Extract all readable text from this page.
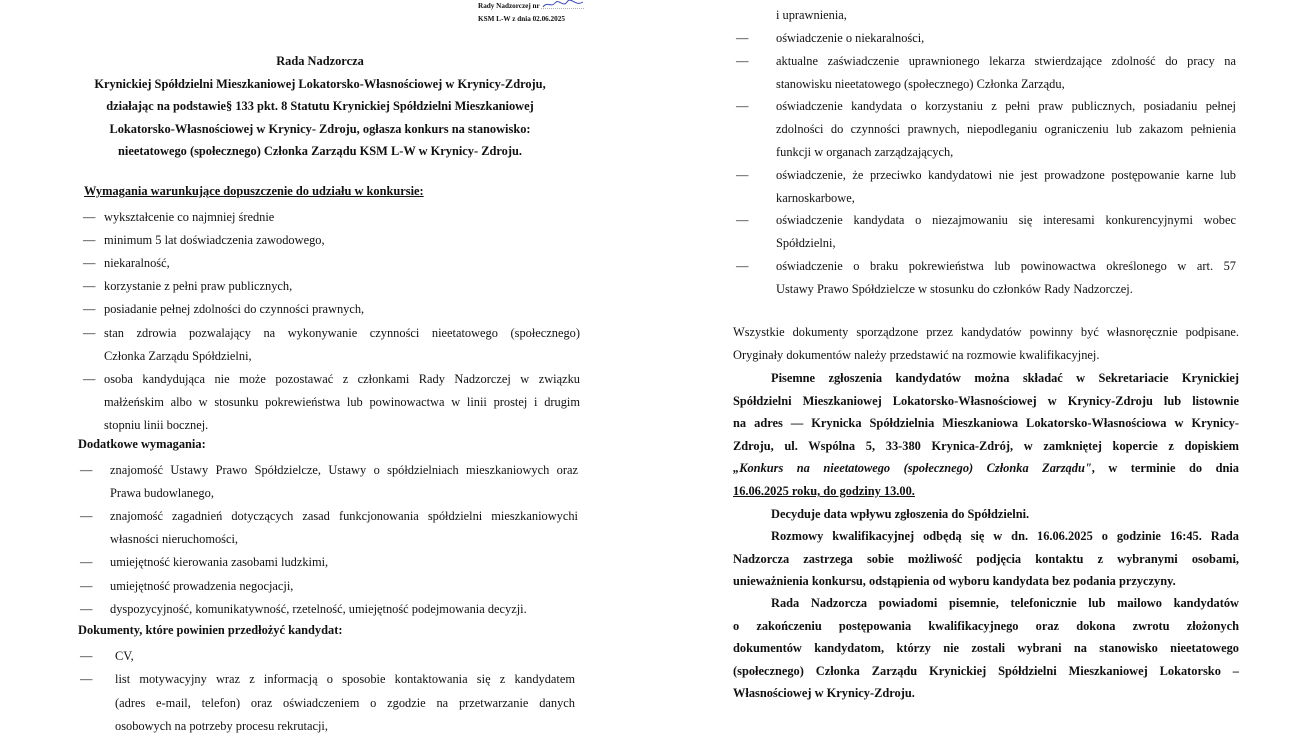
Rady Nadzorczej nr
KSM L-W z dnia 02.06.2025
Rada Nadzorcza
Krynickiej Spółdzielni Mieszkaniowej Lokatorsko-Własnościowej w Krynicy-Zdroju,
działając na podstawie§ 133 pkt. 8 Statutu Krynickiej Spółdzielni Mieszkaniowej
Lokatorsko-Własnościowej w Krynicy- Zdroju, ogłasza konkurs na stanowisko:
nieetatowego (społecznego) Członka Zarządu KSM L-W w Krynicy- Zdroju.
Wymagania warunkujące dopuszczenie do udziału w konkursie:
— wykształcenie co najmniej średnie
— minimum 5 lat doświadczenia zawodowego,
— niekaralność,
— korzystanie z pełni praw publicznych,
— posiadanie pełnej zdolności do czynności prawnych,
— stan zdrowia pozwalający na wykonywanie czynności nieetatowego (społecznego)
Członka Zarządu Spółdzielni,
— osoba kandydująca nie może pozostawać z członkami Rady Nadzorczej w związku
małżeńskim albo w stosunku pokrewieństwa lub powinowactwa w linii prostej i drugim
stopniu linii bocznej.
Dodatkowe wymagania:
— znajomość Ustawy Prawo Spółdzielcze, Ustawy o spółdzielniach mieszkaniowych oraz
Prawa budowlanego,
— znajomość zagadnień dotyczących zasad funkcjonowania spółdzielni mieszkaniowychi
własności nieruchomości,
— umiejętność kierowania zasobami ludzkimi,
— umiejętność prowadzenia negocjacji,
— dyspozycyjność, komunikatywność, rzetelność, umiejętność podejmowania decyzji.
Dokumenty, które powinien przedłożyć kandydat:
— CV,
— list motywacyjny wraz z informacją o sposobie kontaktowania się z kandydatem
(adres e-mail, telefon) oraz oświadczeniem o zgodzie na przetwarzanie danych
osobowych na potrzeby procesu rekrutacji,
i uprawnienia,
— oświadczenie o niekaralności,
— aktualne zaświadczenie uprawnionego lekarza stwierdzające zdolność do pracy na
stanowisku nieetatowego (społecznego) Członka Zarządu,
— oświadczenie kandydata o korzystaniu z pełni praw publicznych, posiadaniu pełnej
zdolności do czynności prawnych, niepodleganiu ograniczeniu lub zakazom pełnienia
funkcji w organach zarządzających,
— oświadczenie, że przeciwko kandydatowi nie jest prowadzone postępowanie karne lub
karnoskarbowe,
— oświadczenie kandydata o niezajmowaniu się interesami konkurencyjnymi wobec
Spółdzielni,
— oświadczenie o braku pokrewieństwa lub powinowactwa określonego w art. 57
Ustawy Prawo Spółdzielcze w stosunku do członków Rady Nadzorczej.
Wszystkie dokumenty sporządzone przez kandydatów powinny być własnoręcznie podpisane.
Oryginały dokumentów należy przedstawić na rozmowie kwalifikacyjnej.
Pisemne zgłoszenia kandydatów można składać w Sekretariacie Krynickiej
Spółdzielni Mieszkaniowej Lokatorsko-Własnościowej w Krynicy-Zdroju lub listownie
na adres — Krynicka Spółdzielnia Mieszkaniowa Lokatorsko-Własnościowa w Krynicy-
Zdroju, ul. Wspólna 5, 33-380 Krynica-Zdrój, w zamkniętej kopercie z dopiskiem
„Konkurs na nieetatowego (społecznego) Członka Zarządu", w terminie do dnia
16.06.2025 roku, do godziny 13.00.
Decyduje data wpływu zgłoszenia do Spółdzielni.
Rozmowy kwalifikacyjnej odbędą się w dn. 16.06.2025 o godzinie 16:45. Rada
Nadzorcza zastrzega sobie możliwość podjęcia kontaktu z wybranymi osobami,
unieważnienia konkursu, odstąpienia od wyboru kandydata bez podania przyczyny.
Rada Nadzorcza powiadomi pisemnie, telefonicznie lub mailowo kandydatów
o zakończeniu postępowania kwalifikacyjnego oraz dokona zwrotu złożonych
dokumentów kandydatom, którzy nie zostali wybrani na stanowisko nieetatowego
(społecznego) Członka Zarządu Krynickiej Spółdzielni Mieszkaniowej Lokatorsko –
Własnościowej w Krynicy-Zdroju.
